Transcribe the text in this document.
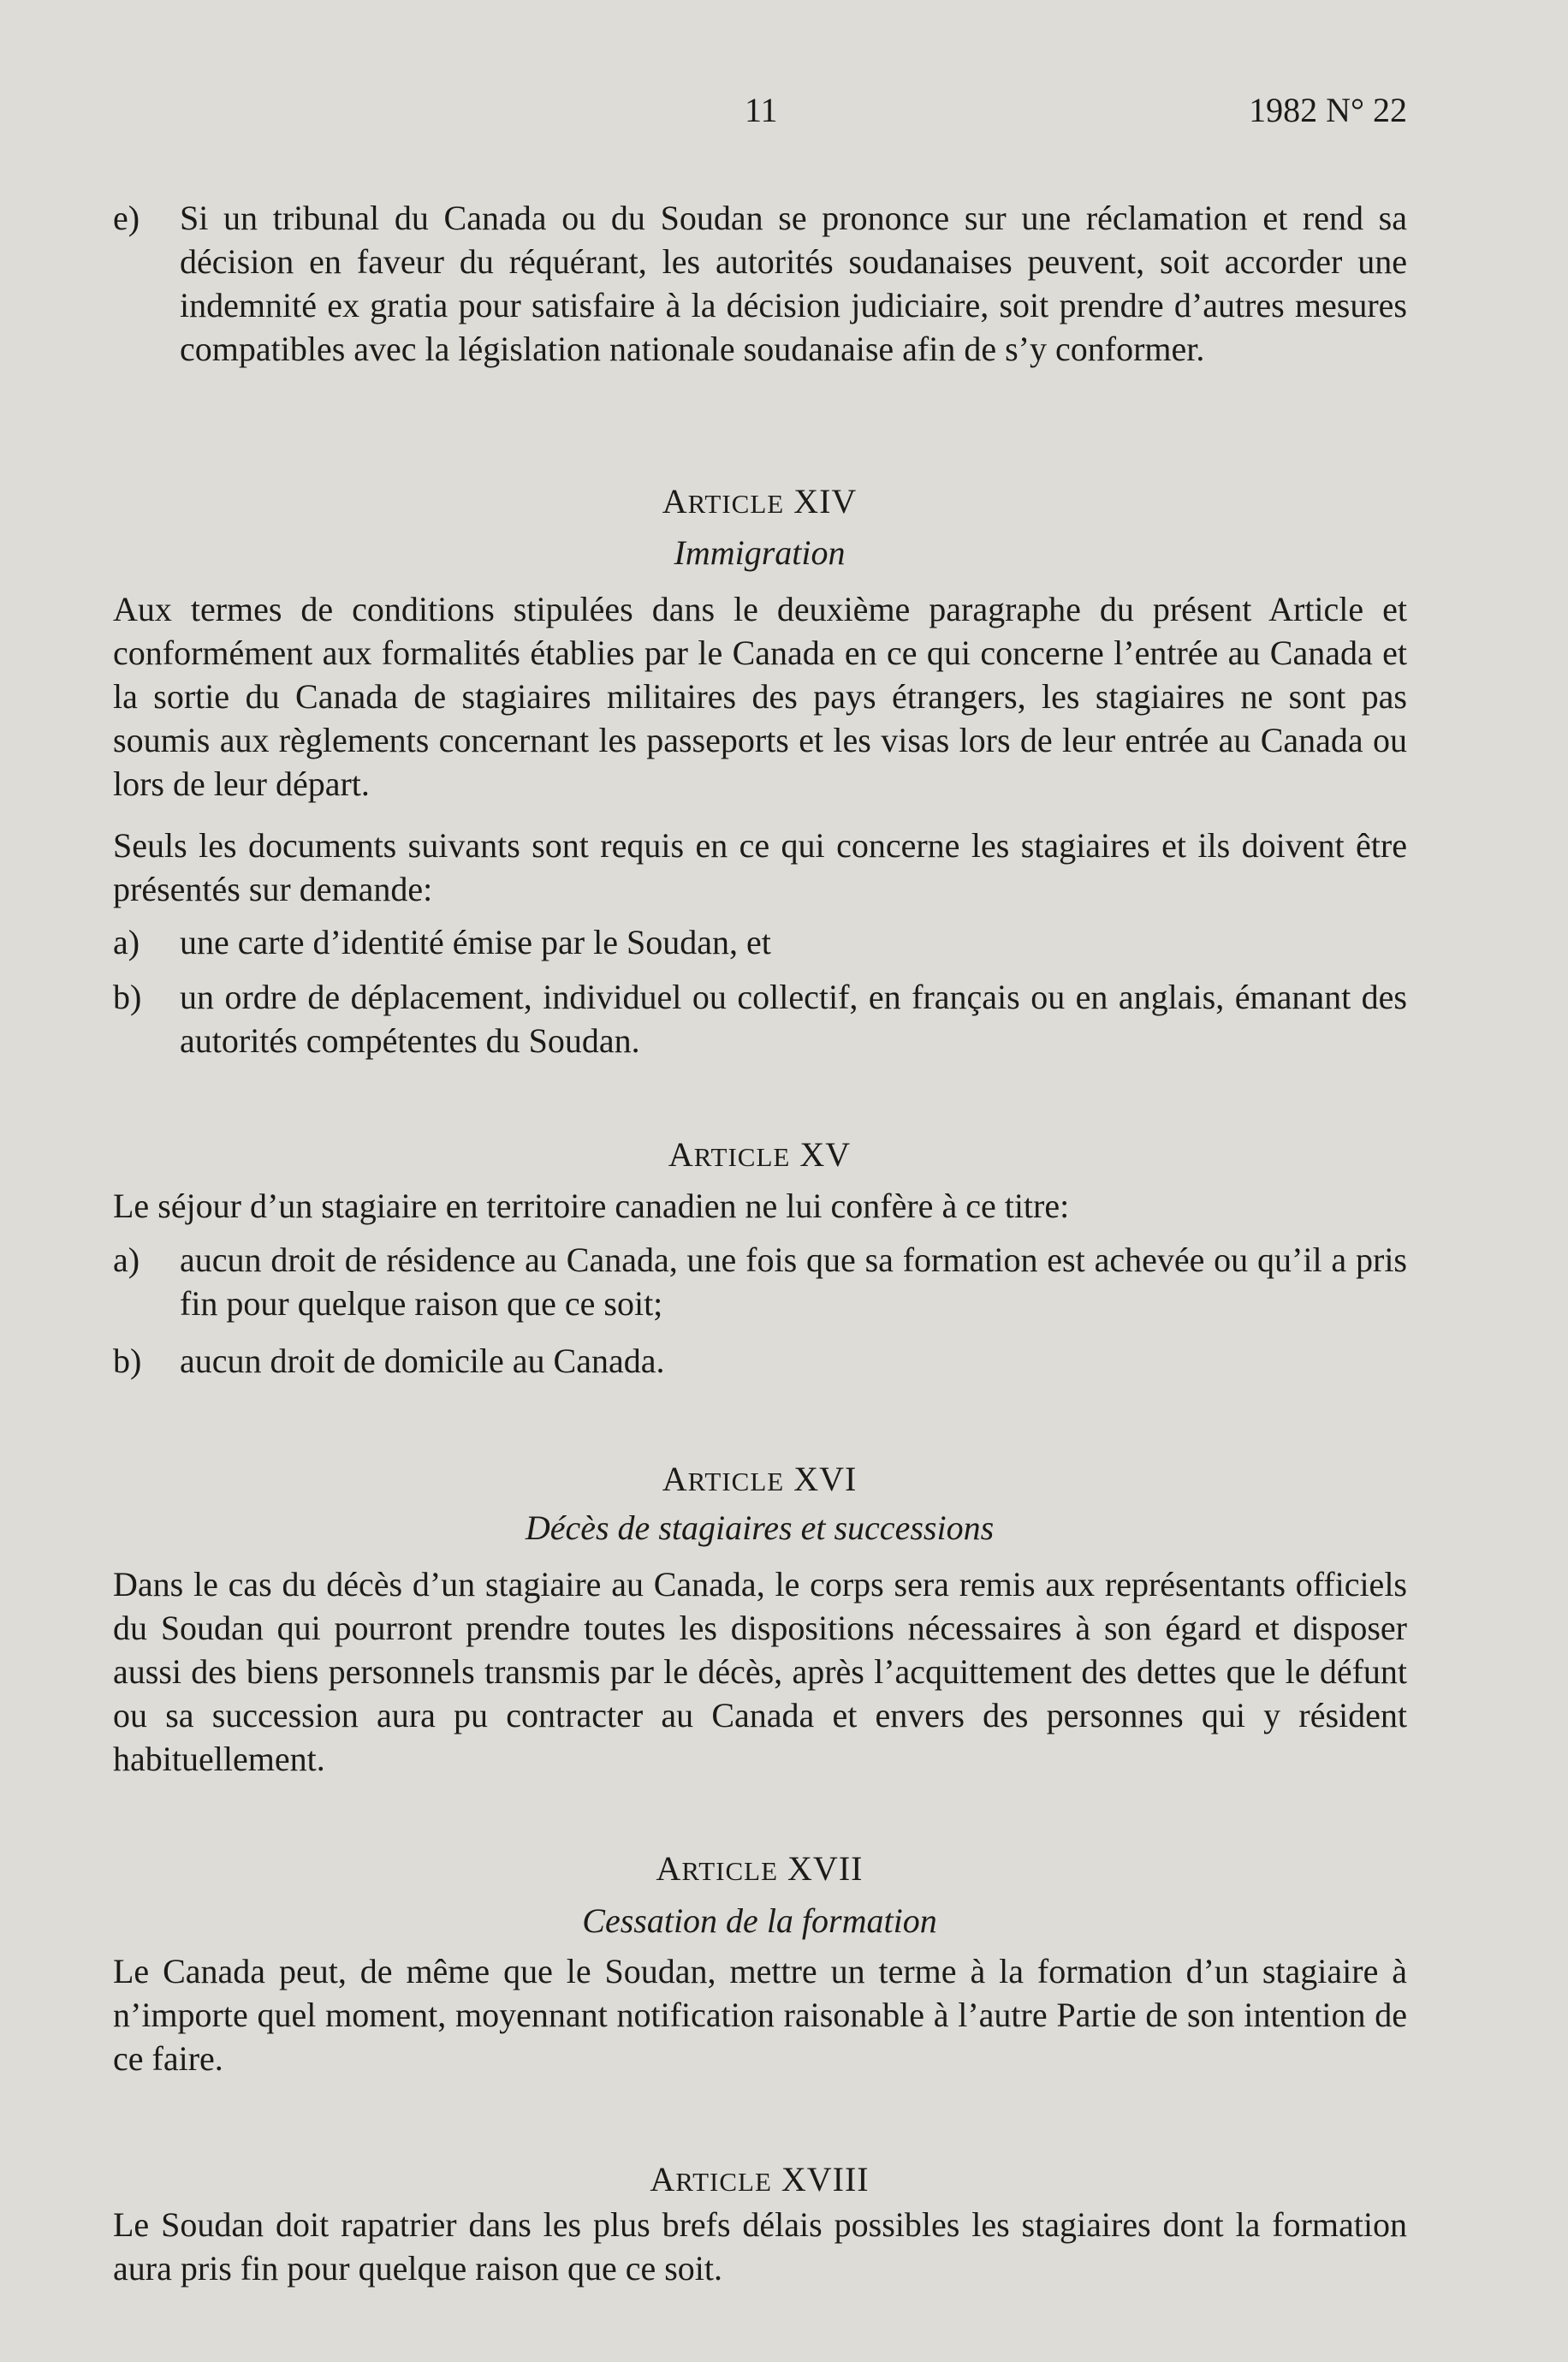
11	1982 N° 22
e) Si un tribunal du Canada ou du Soudan se prononce sur une réclamation et rend sa décision en faveur du réquérant, les autorités soudanaises peuvent, soit accorder une indemnité ex gratia pour satisfaire à la décision judiciaire, soit prendre d’autres mesures compatibles avec la législation nationale soudanaise afin de s’y conformer.
ARTICLE XIV
Immigration
Aux termes de conditions stipulées dans le deuxième paragraphe du présent Article et conformément aux formalités établies par le Canada en ce qui concerne l’entrée au Canada et la sortie du Canada de stagiaires militaires des pays étrangers, les stagiaires ne sont pas soumis aux règlements concernant les passeports et les visas lors de leur entrée au Canada ou lors de leur départ.
Seuls les documents suivants sont requis en ce qui concerne les stagiaires et ils doivent être présentés sur demande:
a) une carte d’identité émise par le Soudan, et
b) un ordre de déplacement, individuel ou collectif, en français ou en anglais, émanant des autorités compétentes du Soudan.
ARTICLE XV
Le séjour d’un stagiaire en territoire canadien ne lui confère à ce titre:
a) aucun droit de résidence au Canada, une fois que sa formation est achevée ou qu’il a pris fin pour quelque raison que ce soit;
b) aucun droit de domicile au Canada.
ARTICLE XVI
Décès de stagiaires et successions
Dans le cas du décès d’un stagiaire au Canada, le corps sera remis aux représentants officiels du Soudan qui pourront prendre toutes les dispositions nécessaires à son égard et disposer aussi des biens personnels transmis par le décès, après l’acquittement des dettes que le défunt ou sa succession aura pu contracter au Canada et envers des personnes qui y résident habituellement.
ARTICLE XVII
Cessation de la formation
Le Canada peut, de même que le Soudan, mettre un terme à la formation d’un stagiaire à n’importe quel moment, moyennant notification raisonable à l’autre Partie de son intention de ce faire.
ARTICLE XVIII
Le Soudan doit rapatrier dans les plus brefs délais possibles les stagiaires dont la formation aura pris fin pour quelque raison que ce soit.
